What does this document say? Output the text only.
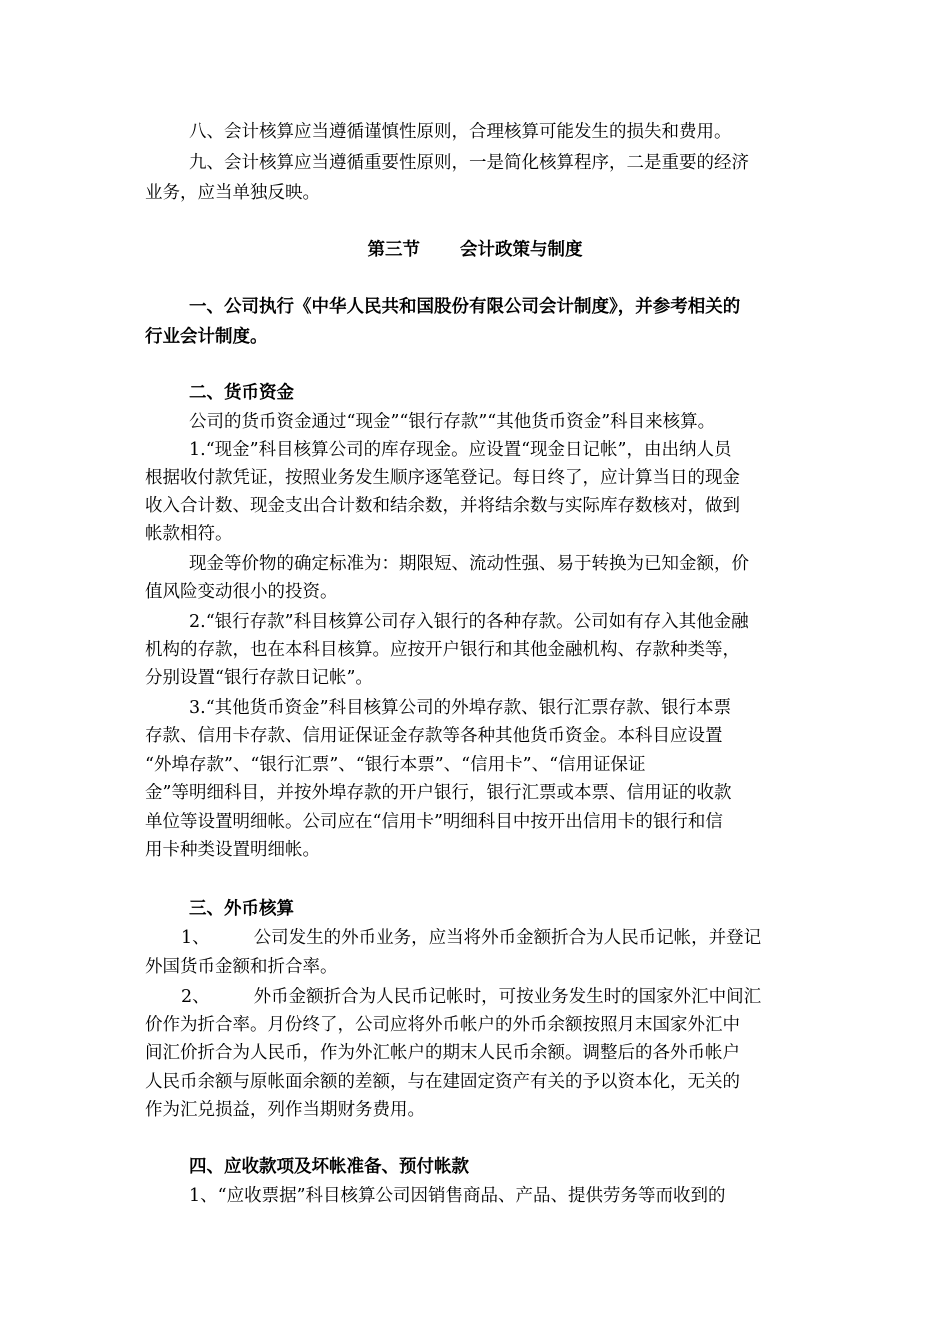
八、会计核算应当遵循谨慎性原则，合理核算可能发生的损失和费用。
九、会计核算应当遵循重要性原则，一是简化核算程序，二是重要的经济
业务，应当单独反映。
第三节 会计政策与制度
一、公司执行《中华人民共和国股份有限公司会计制度》，并参考相关的
行业会计制度。
二、货币资金
公司的货币资金通过“现金”“银行存款”“其他货币资金”科目来核算。
1.“现金”科目核算公司的库存现金。应设置“现金日记帐”，由出纳人员
根据收付款凭证，按照业务发生顺序逐笔登记。每日终了，应计算当日的现金
收入合计数、现金支出合计数和结余数，并将结余数与实际库存数核对，做到
帐款相符。
现金等价物的确定标准为：期限短、流动性强、易于转换为已知金额，价
值风险变动很小的投资。
2.“银行存款”科目核算公司存入银行的各种存款。公司如有存入其他金融
机构的存款，也在本科目核算。应按开户银行和其他金融机构、存款种类等，
分别设置“银行存款日记帐”。
3.“其他货币资金”科目核算公司的外埠存款、银行汇票存款、银行本票
存款、信用卡存款、信用证保证金存款等各种其他货币资金。本科目应设置
“外埠存款”、“银行汇票”、“银行本票”、“信用卡”、“信用证保证
金”等明细科目，并按外埠存款的开户银行，银行汇票或本票、信用证的收款
单位等设置明细帐。公司应在“信用卡”明细科目中按开出信用卡的银行和信
用卡种类设置明细帐。
三、外币核算
1、	公司发生的外币业务，应当将外币金额折合为人民币记帐，并登记
外国货币金额和折合率。
2、	外币金额折合为人民币记帐时，可按业务发生时的国家外汇中间汇
价作为折合率。月份终了，公司应将外币帐户的外币余额按照月末国家外汇中
间汇价折合为人民币，作为外汇帐户的期末人民币余额。调整后的各外币帐户
人民币余额与原帐面余额的差额，与在建固定资产有关的予以资本化，无关的
作为汇兑损益，列作当期财务费用。
四、应收款项及坏帐准备、预付帐款
1、“应收票据”科目核算公司因销售商品、产品、提供劳务等而收到的
